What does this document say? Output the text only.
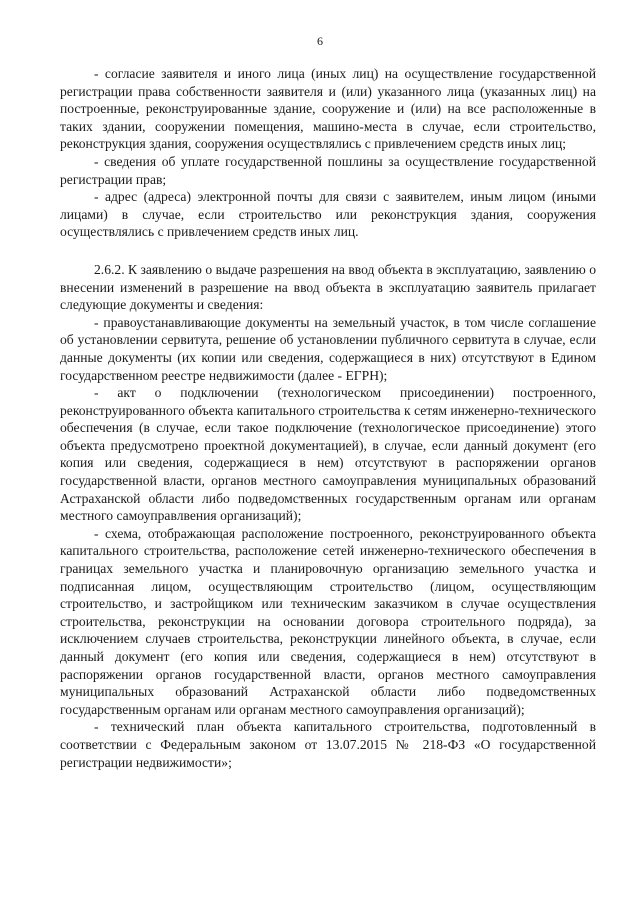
6

- согласие заявителя и иного лица (иных лиц) на осуществление государственной регистрации права собственности заявителя и (или) указанного лица (указанных лиц) на построенные, реконструированные здание, сооружение и (или) на все расположенные в таких здании, сооружении помещения, машино-места в случае, если строительство, реконструкция здания, сооружения осуществлялись с привлечением средств иных лиц;

- сведения об уплате государственной пошлины за осуществление государственной регистрации прав;

- адрес (адреса) электронной почты для связи с заявителем, иным лицом (иными лицами) в случае, если строительство или реконструкция здания, сооружения осуществлялись с привлечением средств иных лиц.

2.6.2. К заявлению о выдаче разрешения на ввод объекта в эксплуатацию, заявлению о внесении изменений в разрешение на ввод объекта в эксплуатацию заявитель прилагает следующие документы и сведения:

- правоустанавливающие документы на земельный участок, в том числе соглашение об установлении сервитута, решение об установлении публичного сервитута в случае, если данные документы (их копии или сведения, содержащиеся в них) отсутствуют в Едином государственном реестре недвижимости (далее - ЕГРН);

- акт о подключении (технологическом присоединении) построенного, реконструированного объекта капитального строительства к сетям инженерно-технического обеспечения (в случае, если такое подключение (технологическое присоединение) этого объекта предусмотрено проектной документацией), в случае, если данный документ (его копия или сведения, содержащиеся в нем) отсутствуют в распоряжении органов государственной власти, органов местного самоуправления муниципальных образований Астраханской области либо подведомственных государственным органам или органам местного самоуправлвения организаций);

- схема, отображающая расположение построенного, реконструированного объекта капитального строительства, расположение сетей инженерно-технического обеспечения в границах земельного участка и планировочную организацию земельного участка и подписанная лицом, осуществляющим строительство (лицом, осуществляющим строительство, и застройщиком или техническим заказчиком в случае осуществления строительства, реконструкции на основании договора строительного подряда), за исключением случаев строительства, реконструкции линейного объекта, в случае, если данный документ (его копия или сведения, содержащиеся в нем) отсутствуют в распоряжении органов государственной власти, органов местного самоуправления муниципальных образований Астраханской области либо подведомственных государственным органам или органам местного самоуправления организаций);

- технический план объекта капитального строительства, подготовленный в соответствии с Федеральным законом от 13.07.2015 № 218-ФЗ «О государственной регистрации недвижимости»;
